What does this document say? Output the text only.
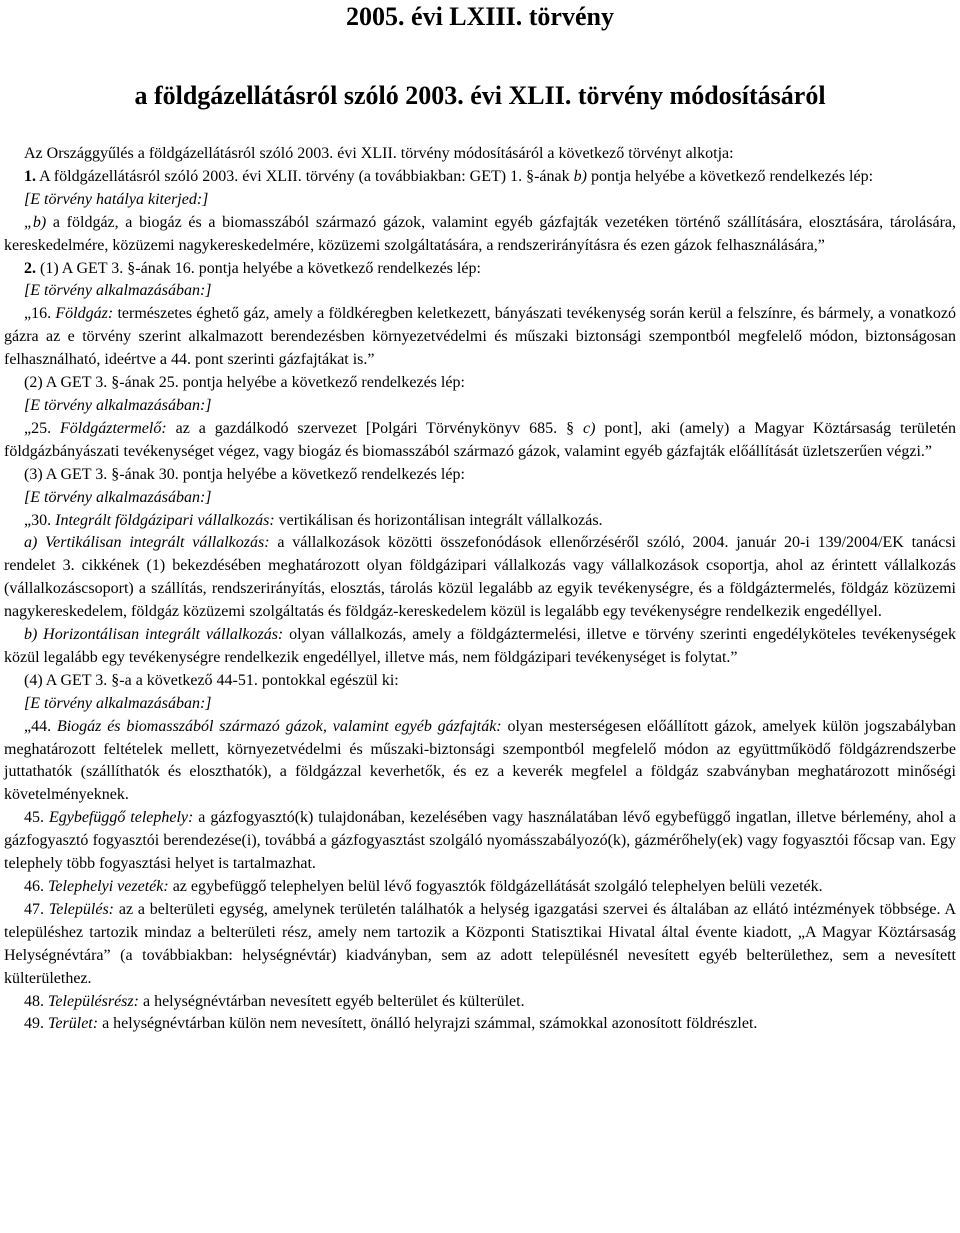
2005. évi LXIII. törvény
a földgázellátásról szóló 2003. évi XLII. törvény módosításáról

Az Országgyűlés a földgázellátásról szóló 2003. évi XLII. törvény módosításáról a következő törvényt alkotja:

1. A földgázellátásról szóló 2003. évi XLII. törvény (a továbbiakban: GET) 1. §-ának b) pontja helyébe a következő rendelkezés lép:

[E törvény hatálya kiterjed:]

„b) a földgáz, a biogáz és a biomasszából származó gázok, valamint egyéb gázfajták vezetéken történő szállítására, elosztására, tárolására, kereskedelmére, közüzemi nagykereskedelmére, közüzemi szolgáltatására, a rendszerirányításra és ezen gázok felhasználására,”

2. (1) A GET 3. §-ának 16. pontja helyébe a következő rendelkezés lép:

[E törvény alkalmazásában:]

„16. Földgáz: természetes éghető gáz, amely a földkéregben keletkezett, bányászati tevékenység során kerül a felszínre, és bármely, a vonatkozó gázra az e törvény szerint alkalmazott berendezésben környezetvédelmi és műszaki biztonsági szempontból megfelelő módon, biztonságosan felhasználható, ideértve a 44. pont szerinti gázfajtákat is.”

(2) A GET 3. §-ának 25. pontja helyébe a következő rendelkezés lép:

[E törvény alkalmazásában:]

„25. Földgáztermelő: az a gazdálkodó szervezet [Polgári Törvénykönyv 685. § c) pont], aki (amely) a Magyar Köztársaság területén földgázbányászati tevékenységet végez, vagy biogáz és biomasszából származó gázok, valamint egyéb gázfajták előállítását üzletszerűen végzi.”

(3) A GET 3. §-ának 30. pontja helyébe a következő rendelkezés lép:

[E törvény alkalmazásában:]

„30. Integrált földgázipari vállalkozás: vertikálisan és horizontálisan integrált vállalkozás.

a) Vertikálisan integrált vállalkozás: a vállalkozások közötti összefonódások ellenőrzéséről szóló, 2004. január 20-i 139/2004/EK tanácsi rendelet 3. cikkének (1) bekezdésében meghatározott olyan földgázipari vállalkozás vagy vállalkozások csoportja, ahol az érintett vállalkozás (vállalkozáscsoport) a szállítás, rendszerirányítás, elosztás, tárolás közül legalább az egyik tevékenységre, és a földgáztermelés, földgáz közüzemi nagykereskedelem, földgáz közüzemi szolgáltatás és földgáz-kereskedelem közül is legalább egy tevékenységre rendelkezik engedéllyel.

b) Horizontálisan integrált vállalkozás: olyan vállalkozás, amely a földgáztermelési, illetve e törvény szerinti engedélyköteles tevékenységek közül legalább egy tevékenységre rendelkezik engedéllyel, illetve más, nem földgázipari tevékenységet is folytat.”

(4) A GET 3. §-a a következő 44-51. pontokkal egészül ki:

[E törvény alkalmazásában:]

„44. Biogáz és biomasszából származó gázok, valamint egyéb gázfajták: olyan mesterségesen előállított gázok, amelyek külön jogszabályban meghatározott feltételek mellett, környezetvédelmi és műszaki-biztonsági szempontból megfelelő módon az együttműködő földgázrendszerbe juttathatók (szállíthatók és eloszthatók), a földgázzal keverhetők, és ez a keverék megfelel a földgáz szabványban meghatározott minőségi követelményeknek.

45. Egybefüggő telephely: a gázfogyasztó(k) tulajdonában, kezelésében vagy használatában lévő egybefüggő ingatlan, illetve bérlemény, ahol a gázfogyasztó fogyasztói berendezése(i), továbbá a gázfogyasztást szolgáló nyomásszabályozó(k), gázmérőhely(ek) vagy fogyasztói főcsap van. Egy telephely több fogyasztási helyet is tartalmazhat.

46. Telephelyi vezeték: az egybefüggő telephelyen belül lévő fogyasztók földgázellátását szolgáló telephelyen belüli vezeték.

47. Település: az a belterületi egység, amelynek területén találhatók a helység igazgatási szervei és általában az ellátó intézmények többsége. A településhez tartozik mindaz a belterületi rész, amely nem tartozik a Központi Statisztikai Hivatal által évente kiadott, „A Magyar Köztársaság Helységnévtára” (a továbbiakban: helységnévtár) kiadványban, sem az adott településnél nevesített egyéb belterülethez, sem a nevesített külterülethez.

48. Településrész: a helységnévtárban nevesített egyéb belterület és külterület.

49. Terület: a helységnévtárban külön nem nevesített, önálló helyrajzi számmal, számokkal azonosított földrészlet.
